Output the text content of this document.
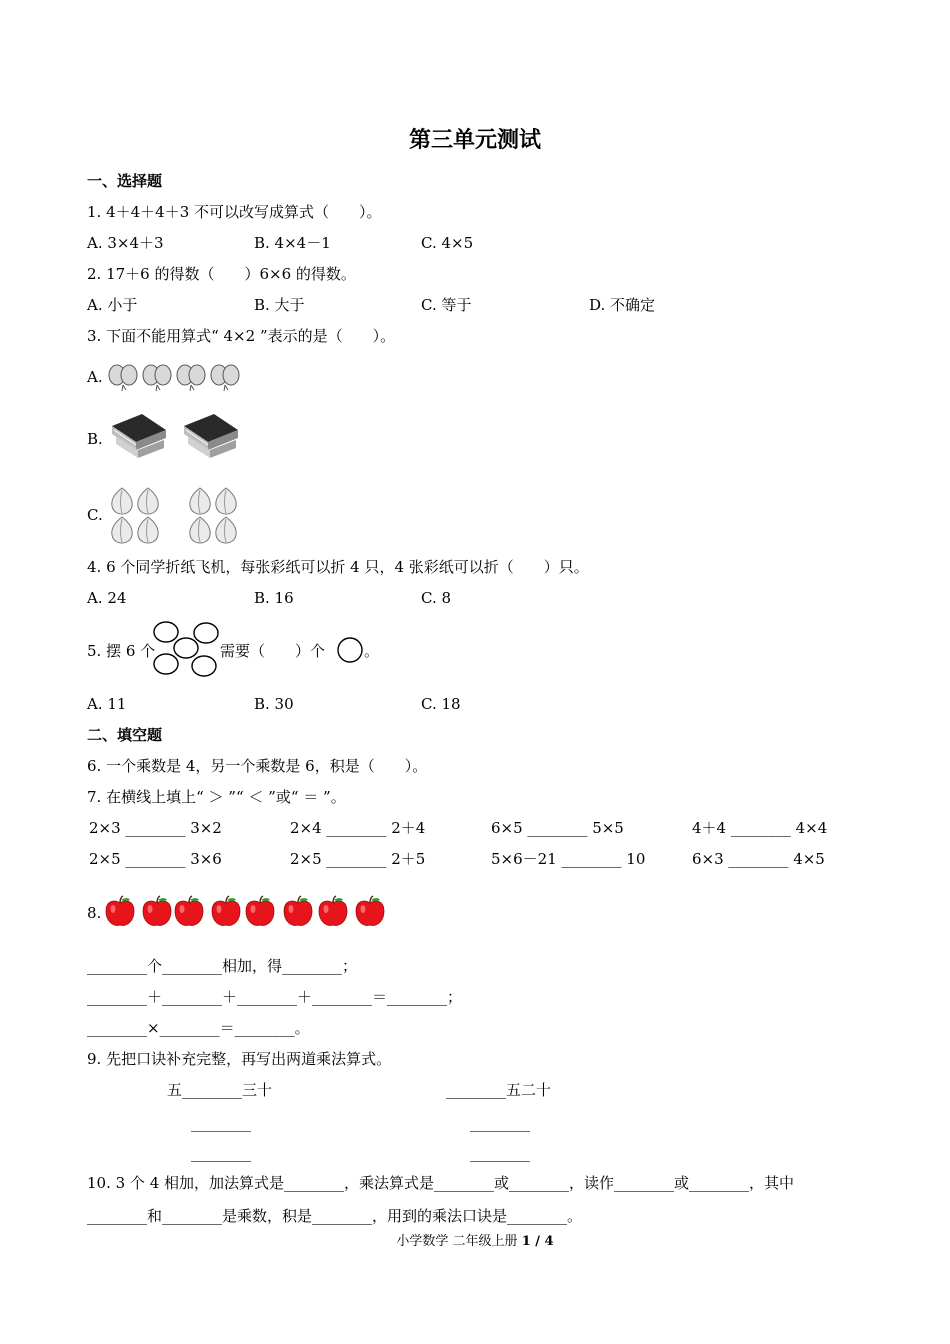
第三单元测试
一、选择题
1. 4＋4＋4＋3 不可以改写成算式（　　）。
A. 3×4＋3	B. 4×4－1	C. 4×5
2. 17＋6 的得数（　　）6×6 的得数。
A. 小于	B. 大于	C. 等于	D. 不确定
3. 下面不能用算式“ 4×2 ”表示的是（　　）。
A.
B.
C.
4. 6 个同学折纸飞机，每张彩纸可以折 4 只，4 张彩纸可以折（　　）只。
A. 24	B. 16	C. 8
5. 摆 6 个	需要（　　）个	。
A. 11	B. 30	C. 18
二、填空题
6. 一个乘数是 4，另一个乘数是 6，积是（　　）。
7. 在横线上填上“ ＞ ”“ ＜ ”或“ ＝ ”。
2×3 ________ 3×2	2×4 ________ 2＋4	6×5 ________ 5×5	4＋4 ________ 4×4
2×5 ________ 3×6	2×5 ________ 2＋5	5×6－21 ________ 10	6×3 ________ 4×5
8.
________个________相加，得________；
________＋________＋________＋________＝________；
________×________＝________。
9. 先把口诀补充完整，再写出两道乘法算式。
五________三十	________五二十
________	________
________	________
10. 3 个 4 相加，加法算式是________，乘法算式是________或________，读作________或________，其中
________和________是乘数，积是________，用到的乘法口诀是________。
小学数学 二年级上册 1 / 4
